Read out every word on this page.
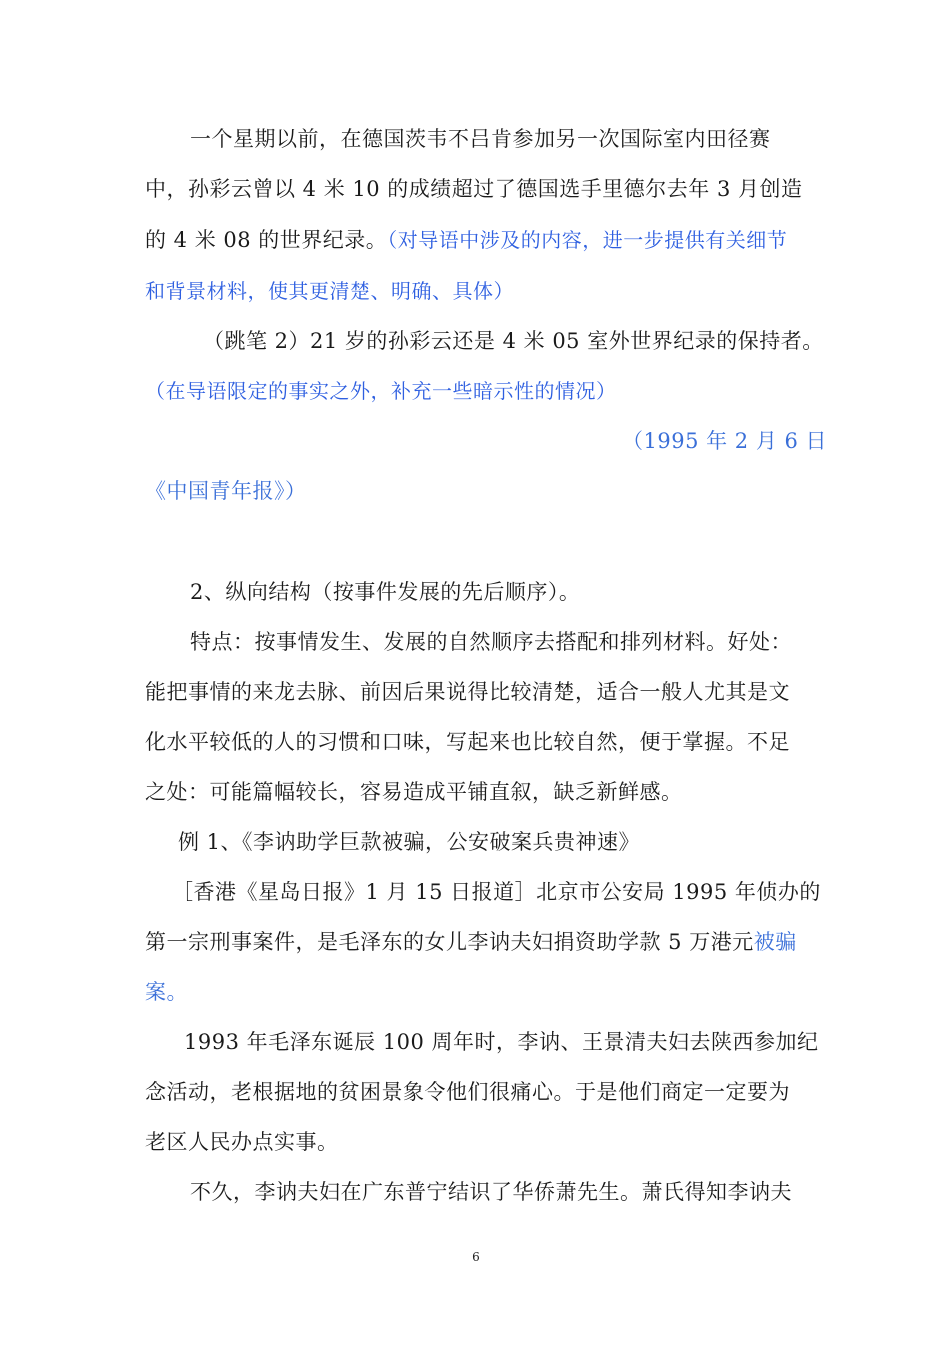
一个星期以前，在德国茨韦不吕肯参加另一次国际室内田径赛
中，孙彩云曾以 4 米 10 的成绩超过了德国选手里德尔去年 3 月创造
的 4 米 08 的世界纪录。（对导语中涉及的内容，进一步提供有关细节
和背景材料，使其更清楚、明确、具体）
（跳笔 2）21 岁的孙彩云还是 4 米 05 室外世界纪录的保持者。
（在导语限定的事实之外，补充一些暗示性的情况）
（1995 年 2 月 6 日
《中国青年报》）
2、纵向结构（按事件发展的先后顺序）。
特点：按事情发生、发展的自然顺序去搭配和排列材料。好处：
能把事情的来龙去脉、前因后果说得比较清楚，适合一般人尤其是文
化水平较低的人的习惯和口味，写起来也比较自然，便于掌握。不足
之处：可能篇幅较长，容易造成平铺直叙，缺乏新鲜感。
例 1、《李讷助学巨款被骗，公安破案兵贵神速》
［香港《星岛日报》1 月 15 日报道］北京市公安局 1995 年侦办的
第一宗刑事案件，是毛泽东的女儿李讷夫妇捐资助学款 5 万港元被骗
案。
1993 年毛泽东诞辰 100 周年时，李讷、王景清夫妇去陕西参加纪
念活动，老根据地的贫困景象令他们很痛心。于是他们商定一定要为
老区人民办点实事。
不久，李讷夫妇在广东普宁结识了华侨萧先生。萧氏得知李讷夫
6
